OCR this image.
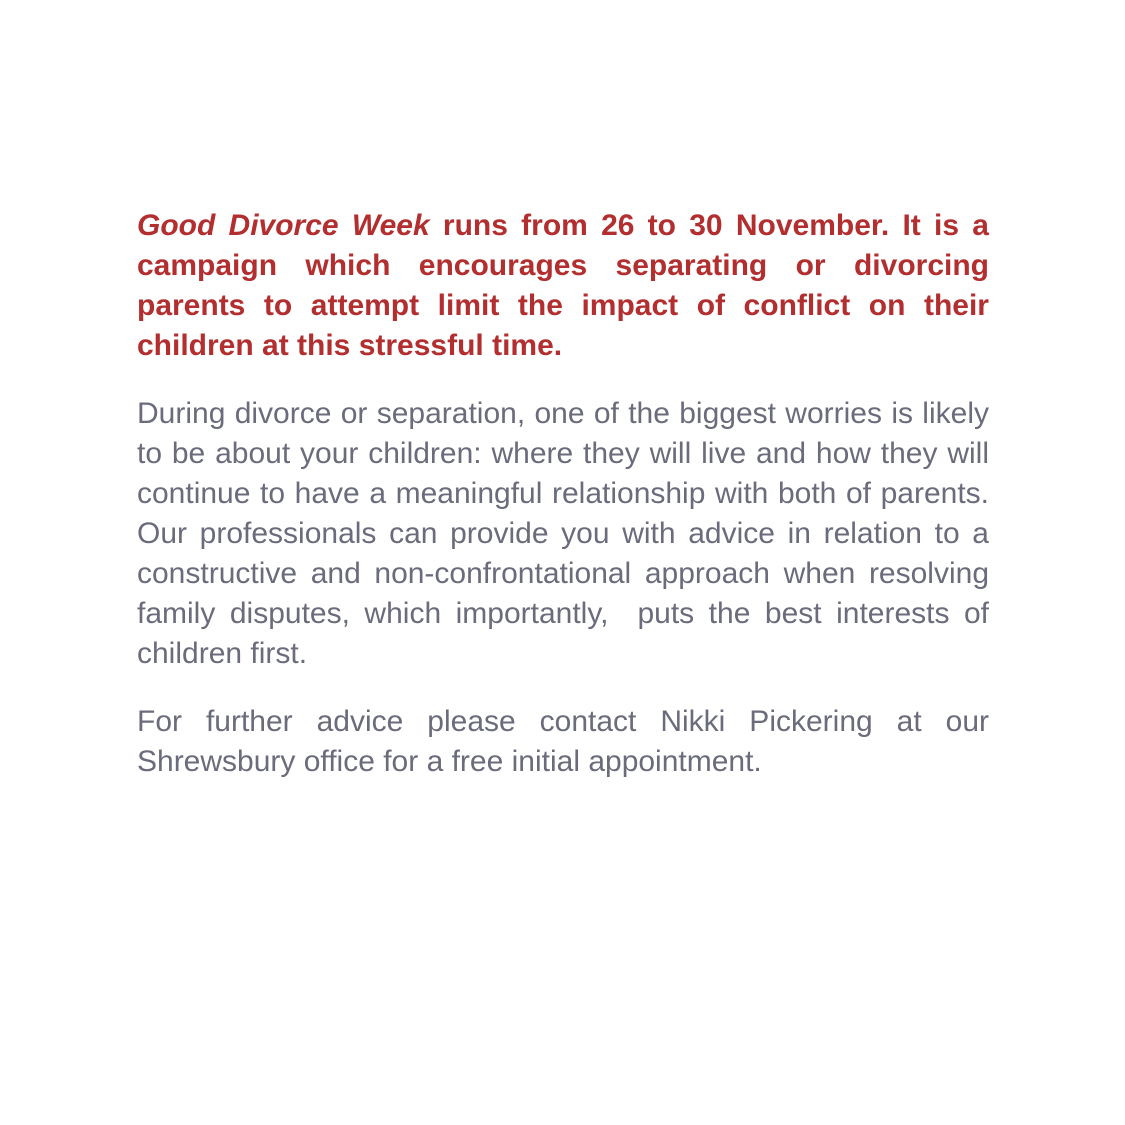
Good Divorce Week runs from 26 to 30 November. It is a campaign which encourages separating or divorcing parents to attempt limit the impact of conflict on their children at this stressful time.

During divorce or separation, one of the biggest worries is likely to be about your children: where they will live and how they will continue to have a meaningful relationship with both of parents. Our professionals can provide you with advice in relation to a constructive and non-confrontational approach when resolving family disputes, which importantly,  puts the best interests of children first.

For further advice please contact Nikki Pickering at our Shrewsbury office for a free initial appointment.
